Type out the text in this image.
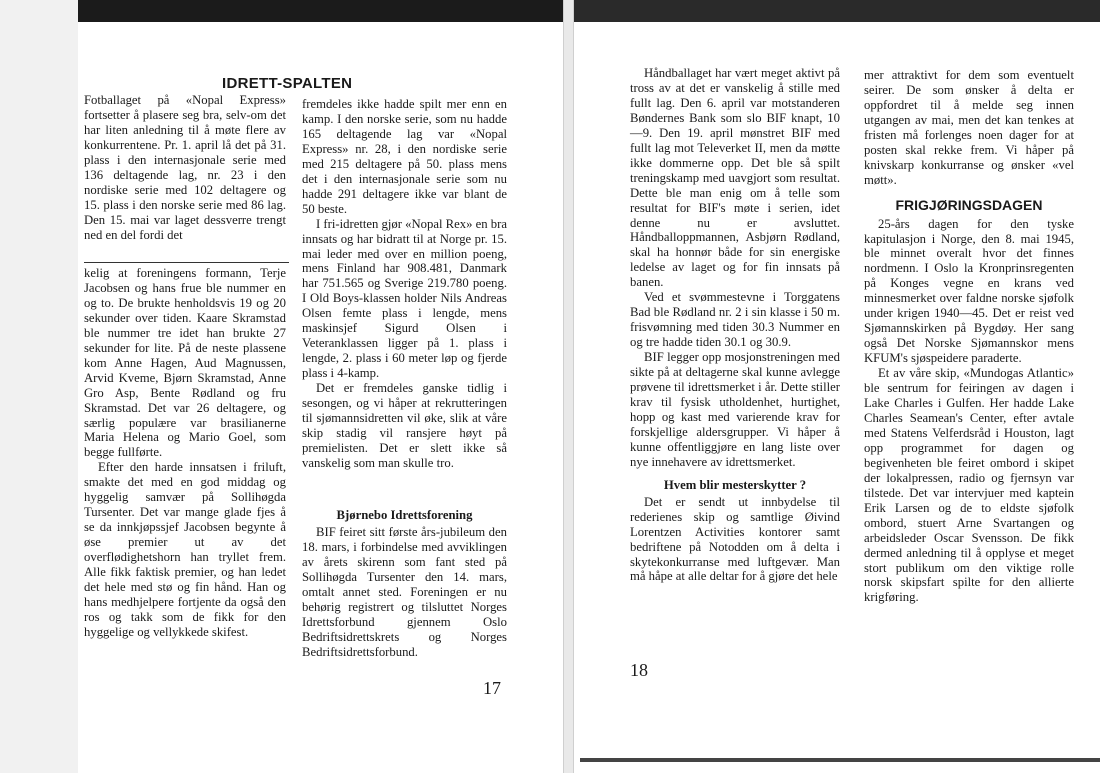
IDRETT-SPALTEN

Fotballaget på «Nopal Express» fortsetter å plasere seg bra, selv-om det har liten anledning til å møte flere av konkurrentene. Pr. 1. april lå det på 31. plass i den internasjonale serie med 136 deltagende lag, nr. 23 i den nordiske serie med 102 deltagere og 15. plass i den norske serie med 86 lag. Den 15. mai var laget dessverre trengt ned en del fordi det

fremdeles ikke hadde spilt mer enn en kamp. I den norske serie, som nu hadde 165 deltagende lag var «Nopal Express» nr. 28, i den nordiske serie med 215 deltagere på 50. plass mens det i den internasjonale serie som nu hadde 291 deltagere ikke var blant de 50 beste.

I fri-idretten gjør «Nopal Rex» en bra innsats og har bidratt til at Norge pr. 15. mai leder med over en million poeng, mens Finland har 908.481, Danmark har 751.565 og Sverige 219.780 poeng. I Old Boys-klassen holder Nils Andreas Olsen femte plass i lengde, mens maskinsjef Sigurd Olsen i Veteranklassen ligger på 1. plass i lengde, 2. plass i 60 meter løp og fjerde plass i 4-kamp.

Det er fremdeles ganske tidlig i sesongen, og vi håper at rekrutteringen til sjømannsidretten vil øke, slik at våre skip stadig vil ransjere høyt på premielisten. Det er slett ikke så vanskelig som man skulle tro.

kelig at foreningens formann, Terje Jacobsen og hans frue ble nummer en og to. De brukte henholdsvis 19 og 20 sekunder over tiden. Kaare Skramstad ble nummer tre idet han brukte 27 sekunder for lite. På de neste plassene kom Anne Hagen, Aud Magnussen, Arvid Kveme, Bjørn Skramstad, Anne Gro Asp, Bente Rødland og fru Skramstad. Det var 26 deltagere, og særlig populære var brasilianerne Maria Helena og Mario Goel, som begge fullførte.

Efter den harde innsatsen i friluft, smakte det med en god middag og hyggelig samvær på Sollihøgda Tursenter. Det var mange glade fjes å se da innkjøpssjef Jacobsen begynte å øse premier ut av det overflødighetshorn han tryllet frem. Alle fikk faktisk premier, og han ledet det hele med stø og fin hånd. Han og hans medhjelpere fortjente da også den ros og takk som de fikk for den hyggelige og vellykkede skifest.

Bjørnebo Idrettsforening

BIF feiret sitt første års-jubileum den 18. mars, i forbindelse med avviklingen av årets skirenn som fant sted på Sollihøgda Tursenter den 14. mars, omtalt annet sted. Foreningen er nu behørig registrert og tilsluttet Norges Idrettsforbund gjennem Oslo Bedriftsidrettskrets og Norges Bedriftsidrettsforbund.

17

Håndballaget har vært meget aktivt på tross av at det er vanskelig å stille med fullt lag. Den 6. april var motstanderen Bøndernes Bank som slo BIF knapt, 10—9. Den 19. april mønstret BIF med fullt lag mot Televerket II, men da møtte ikke dommerne opp. Det ble så spilt treningskamp med uavgjort som resultat. Dette ble man enig om å telle som resultat for BIF's møte i serien, idet denne nu er avsluttet. Håndballoppmannen, Asbjørn Rødland, skal ha honnør både for sin energiske ledelse av laget og for fin innsats på banen.

Ved et svømmestevne i Torggatens Bad ble Rødland nr. 2 i sin klasse i 50 m. frisvømning med tiden 30.3 Nummer en og tre hadde tiden 30.1 og 30.9.

BIF legger opp mosjonstreningen med sikte på at deltagerne skal kunne avlegge prøvene til idrettsmerket i år. Dette stiller krav til fysisk utholdenhet, hurtighet, hopp og kast med varierende krav for forskjellige aldersgrupper. Vi håper å kunne offentliggjøre en lang liste over nye innehavere av idrettsmerket.

Hvem blir mesterskytter ?

Det er sendt ut innbydelse til rederienes skip og samtlige Øivind Lorentzen Activities kontorer samt bedriftene på Notodden om å delta i skytekonkurranse med luftgevær. Man må håpe at alle deltar for å gjøre det hele

mer attraktivt for dem som eventuelt seirer. De som ønsker å delta er oppfordret til å melde seg innen utgangen av mai, men det kan tenkes at fristen må forlenges noen dager for at posten skal rekke frem. Vi håper på knivskarp konkurranse og ønsker «vel møtt».

FRIGJØRINGSDAGEN

25-års dagen for den tyske kapitulasjon i Norge, den 8. mai 1945, ble minnet overalt hvor det finnes nordmenn. I Oslo la Kronprinsregenten på Konges vegne en krans ved minnesmerket over faldne norske sjøfolk under krigen 1940—45. Det er reist ved Sjømannskirken på Bygdøy. Her sang også Det Norske Sjømannskor mens KFUM's sjøspeidere paraderte.

Et av våre skip, «Mundogas Atlantic» ble sentrum for feiringen av dagen i Lake Charles i Gulfen. Her hadde Lake Charles Seamean's Center, efter avtale med Statens Velferdsråd i Houston, lagt opp programmet for dagen og begivenheten ble feiret ombord i skipet der lokalpressen, radio og fjernsyn var tilstede. Det var intervjuer med kaptein Erik Larsen og de to eldste sjøfolk ombord, stuert Arne Svartangen og arbeidsleder Oscar Svensson. De fikk dermed anledning til å opplyse et meget stort publikum om den viktige rolle norsk skipsfart spilte for den allierte krigføring.

18
